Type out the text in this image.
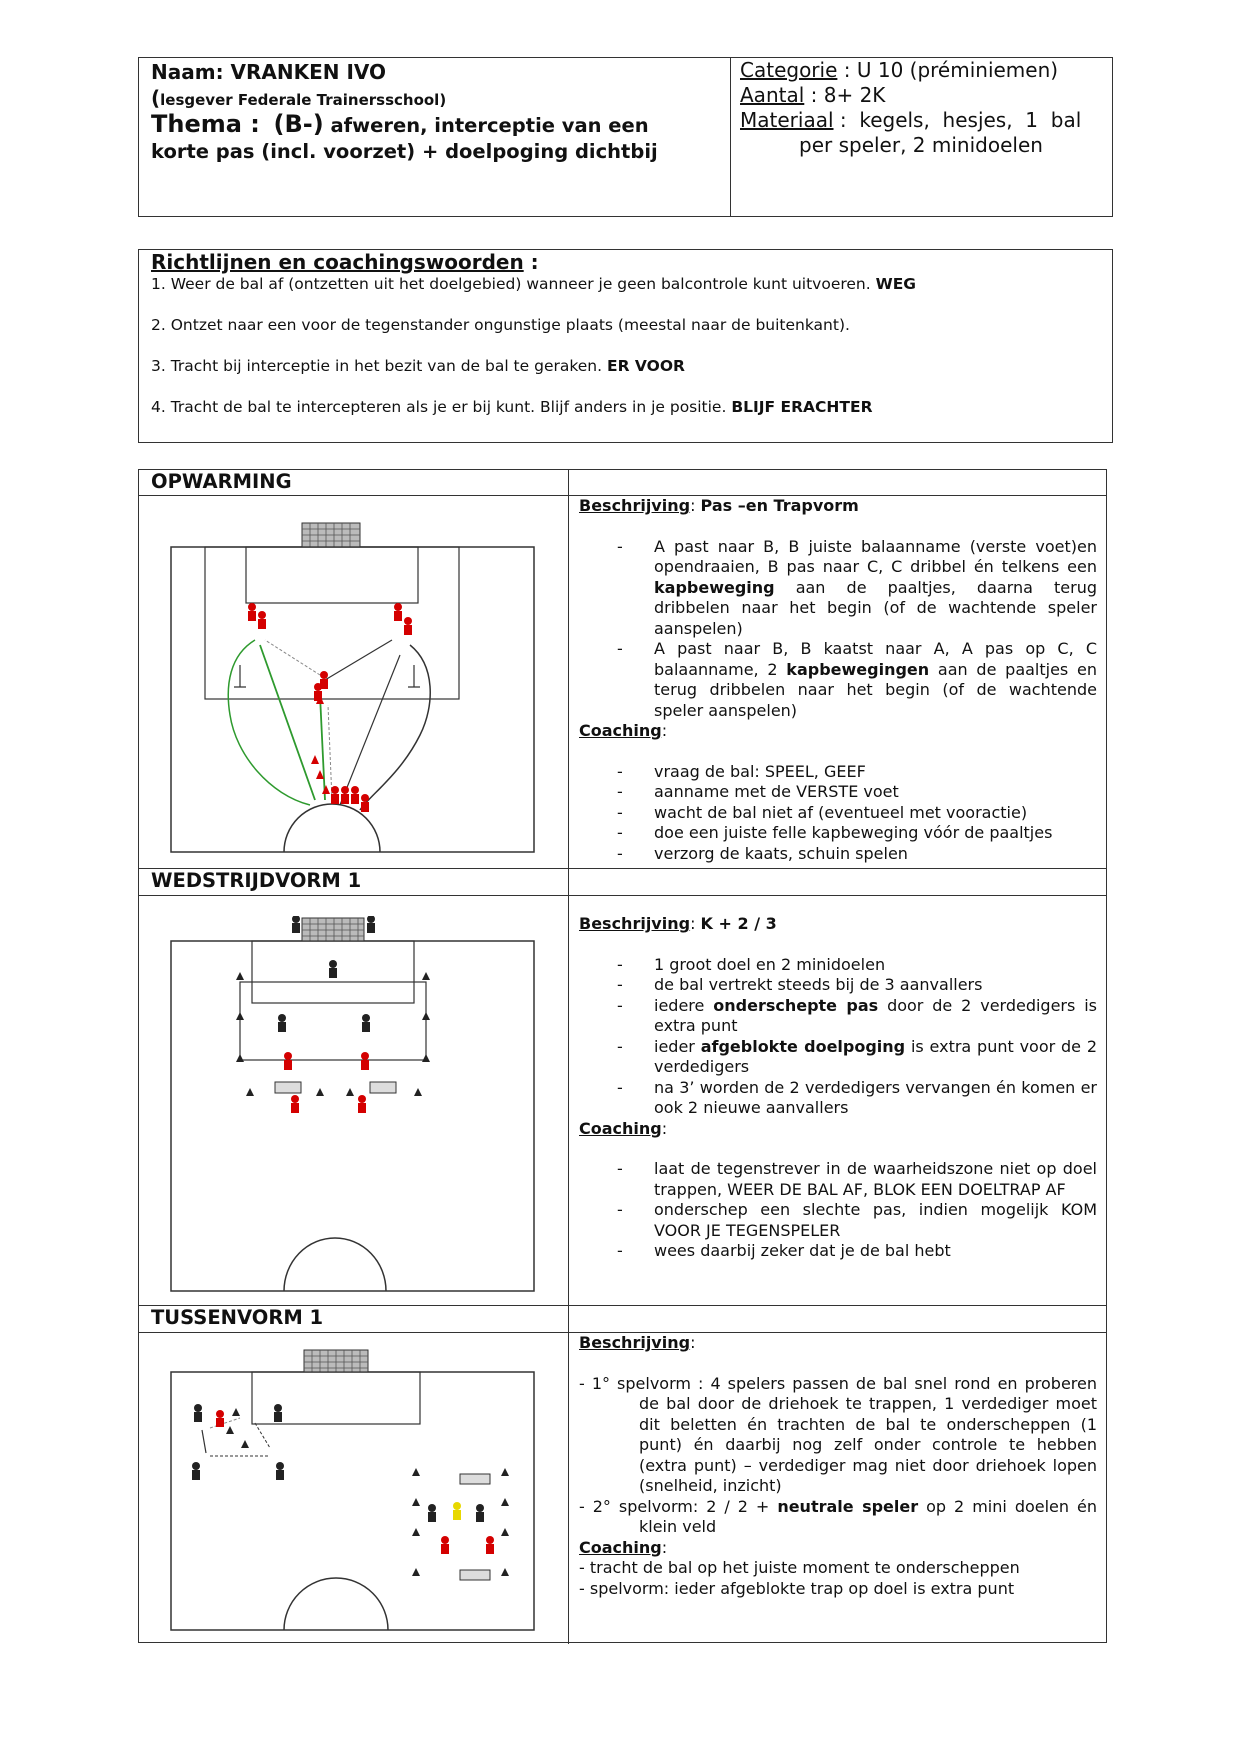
Naam: VRANKEN IVO
(lesgever Federale Trainersschool)
Thema : (B-) afweren, interceptie van een
korte pas (incl. voorzet) + doelpoging dichtbij
Categorie : U 10 (préminiemen)
Aantal : 8+ 2K
Materiaal :  kegels,  hesjes,  1  bal
per speler, 2 minidoelen
Richtlijnen en coachingswoorden :
1. Weer de bal af (ontzetten uit het doelgebied) wanneer je geen balcontrole kunt uitvoeren. WEG
2. Ontzet naar een voor de tegenstander ongunstige plaats (meestal naar de buitenkant).
3. Tracht bij interceptie in het bezit van de bal te geraken. ER VOOR
4. Tracht de bal te intercepteren als je er bij kunt. Blijf anders in je positie. BLIJF ERACHTER
OPWARMING
Beschrijving: Pas –en Trapvorm
- A past naar B, B juiste balaanname (verste voet)en opendraaien, B pas naar C, C dribbel én telkens een kapbeweging aan de paaltjes, daarna terug dribbelen naar het begin (of de wachtende speler aanspelen)
- A past naar B, B kaatst naar A, A pas op C, C balaanname, 2 kapbewegingen aan de paaltjes en terug dribbelen naar het begin (of de wachtende speler aanspelen)
Coaching:
- vraag de bal: SPEEL, GEEF
- aanname met de VERSTE voet
- wacht de bal niet af (eventueel met vooractie)
- doe een juiste felle kapbeweging vóór de paaltjes
- verzorg de kaats, schuin spelen
WEDSTRIJDVORM 1
Beschrijving: K + 2 / 3
- 1 groot doel en 2 minidoelen
- de bal vertrekt steeds bij de 3 aanvallers
- iedere onderschepte pas door de 2 verdedigers is extra punt
- ieder afgeblokte doelpoging is extra punt voor de 2 verdedigers
- na 3’ worden de 2 verdedigers vervangen én komen er ook 2 nieuwe aanvallers
Coaching:
- laat de tegenstrever in de waarheidszone niet op doel trappen, WEER DE BAL AF, BLOK EEN DOELTRAP AF
- onderschep een slechte pas, indien mogelijk KOM VOOR JE TEGENSPELER
- wees daarbij zeker dat je de bal hebt
TUSSENVORM 1
Beschrijving:
- 1° spelvorm : 4 spelers passen de bal snel rond en proberen de bal door de driehoek te trappen, 1 verdediger moet dit beletten én trachten de bal te onderscheppen (1 punt) én daarbij nog zelf onder controle te hebben (extra punt) – verdediger mag niet door driehoek lopen (snelheid, inzicht)
- 2° spelvorm: 2 / 2 + neutrale speler op 2 mini doelen én klein veld
Coaching:
- tracht de bal op het juiste moment te onderscheppen
- spelvorm: ieder afgeblokte trap op doel is extra punt
